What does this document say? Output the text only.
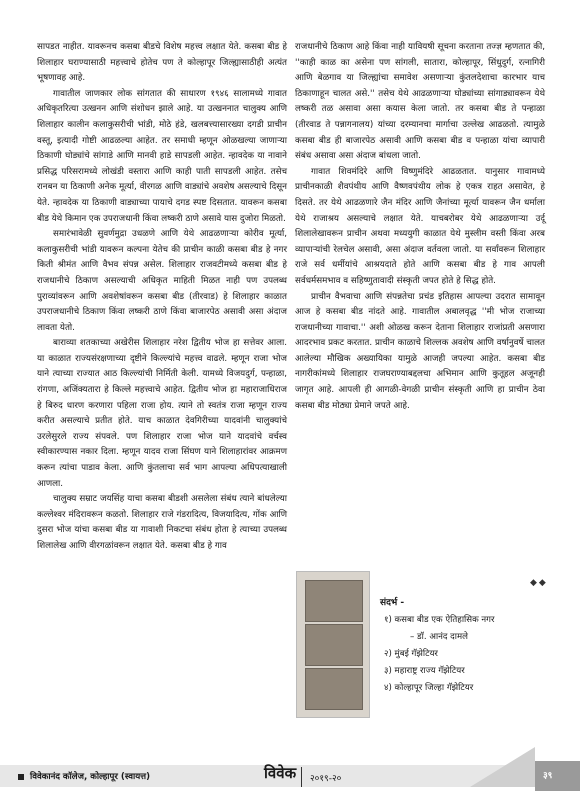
सापडत नाहीत. यावरूनच कसबा बीडचे विशेष महत्त्व लक्षात येते. कसबा बीड हे शिलाहार घराण्यासाठी महत्त्वाचे होतेच पण ते कोल्हापूर जिल्ह्यासाठीही अत्यंत भूषणावह आहे.

गावातील जाणकार लोक सांगतात की साधारण १९४६ सालामध्ये गावात अधिकृतरित्या उत्खनन आणि संशोधन झाले आहे. या उत्खननात चालुक्य आणि शिलाहार कालीन कलाकुसरीची भांडी, मोठे हंडे, खलबत्त्यासारख्या दगडी प्राचीन वस्तू, इत्यादी गोष्टी आढळल्या आहेत. तर समाधी म्हणून ओळखल्या जाणाऱ्या ठिकाणी घोड्यांचे सांगाडे आणि मानवी हाडे सापडली आहेत. न्हावदेक या नावाने प्रसिद्ध परिसरामध्ये लोखंडी वस्तारा आणि काही पाती सापडली आहेत. तसेच रानबन या ठिकाणी अनेक मूर्त्या, वीरगळ आणि वाड्यांचे अवशेष असल्याचे दिसून येते. न्हावदेक या ठिकाणी वाड्याच्या पायाचे दगड स्पष्ट दिसतात. यावरून कसबा बीड येथे किमान एक उपराजधानी किंवा लष्करी ठाणे असावे यास दुजोरा मिळतो.

समारंभावेळी सुवर्णमुद्रा उधळणे आणि येथे आढळणाऱ्या कोरीव मूर्त्या, कलाकुसरीची भांडी यावरून कल्पना येतेच की प्राचीन काळी कसबा बीड हे नगर किती श्रीमंत आणि वैभव संपन्न असेल. शिलाहार राजवटीमध्ये कसबा बीड हे राजधानीचे ठिकाण असल्याची अधिकृत माहिती मिळत नाही पण उपलब्ध पुराव्यांवरून आणि अवशेषांवरून कसबा बीड (तीरवाड) हे शिलाहार काळात उपराजधानीचे ठिकाण किंवा लष्करी ठाणे किंवा बाजारपेठ असावी असा अंदाज लावता येतो.

बाराव्या शतकाच्या अखेरीस शिलाहार नरेश द्वितीय भोज हा सत्तेवर आला. या काळात राज्यसंरक्षणाच्या दृष्टीने किल्ल्यांचे महत्त्व वाढले. म्हणून राजा भोज याने त्याच्या राज्यात आठ किल्ल्यांची निर्मिती केली. यामध्ये विजयदुर्ग, पन्हाळा, रांगणा, अजिंक्यतारा हे किल्ले महत्त्वाचे आहेत. द्वितीय भोज हा महाराजाधिराज हे बिरुद धारण करणारा पहिला राजा होय. त्याने तो स्वतंत्र राजा म्हणून राज्य करीत असल्याचे प्रतीत होते. याच काळात देवगिरीच्या यादवांनी चालुक्यांचे उरलेसुरले राज्य संपवले. पण शिलाहार राजा भोज याने यादवांचे वर्चस्व स्वीकारण्यास नकार दिला. म्हणून यादव राजा सिंघण याने शिलाहारांवर आक्रमण करून त्यांचा पाडाव केला. आणि कुंतलाचा सर्व भाग आपल्या अधिपत्याखाली आणला.

चालुक्य सम्राट जयसिंह याचा कसबा बीडशी असलेला संबंध त्याने बांधलेल्या कल्लेश्वर मंदिरावरून कळतो. शिलाहार राजे गंडरादित्य, विजयादित्य, गोंक आणि दुसरा भोज यांचा कसबा बीड या गावाशी निकटचा संबंध होता हे त्याच्या उपलब्ध शिलालेख आणि वीरगळांवरून लक्षात येते. कसबा बीड हे गाव

राजधानीचे ठिकाण आहे किंवा नाही यावियषी सूचना करताना तज्ज्ञ म्हणतात की, ''काही काळ का असेना पण सांगली, सातारा, कोल्हापूर, सिंधुदुर्ग, रत्नागिरी आणि बेळगाव या जिल्ह्यांचा समावेश असणाऱ्या कुंतलदेशाचा कारभार याच ठिकाणाहून चालत असे.'' तसेच येथे आढळणाऱ्या घोड्यांच्या सांगाड्यावरून येथे लष्करी तळ असावा असा कयास केला जातो. तर कसबा बीड ते पन्हाळा (तीरवाड ते पन्नागनालय) यांच्या दरम्यानचा मार्गाचा उल्लेख आढळतो. त्यामुळे कसबा बीड ही बाजारपेठ असावी आणि कसबा बीड व पन्हाळा यांचा व्यापारी संबंध असावा असा अंदाज बांधला जातो.

गावात शिवमंदिरे आणि विष्णुमंदिरे आढळतात. यानुसार गावामध्ये प्राचीनकाळी शैवपंथीय आणि वैष्णवपंथीय लोक हे एकत्र राहत असावेत, हे दिसते. तर येथे आढळणारे जैन मंदिर आणि जैनांच्या मूर्त्या यावरून जैन धर्माला येथे राजाश्रय असल्याचे लक्षात येते. याचबरोबर येथे आढळणाऱ्या उर्दू शिलालेखावरून प्राचीन अथवा मध्ययुगी काळात येथे मुस्लीम वस्ती किंवा अरब व्यापाऱ्यांची रेलचेल असावी, असा अंदाज वर्तवला जातो. या सर्वांवरून शिलाहार राजे सर्व धर्मीयांचे आश्रयदाते होते आणि कसबा बीड हे गाव आपली सर्वधर्मसमभाव व सहिष्णुतावादी संस्कृती जपत होते हे सिद्ध होते.

प्राचीन वैभवाचा आणि संपन्नतेचा प्रचंड इतिहास आपल्या उदरात सामावून आज हे कसबा बीड नांदते आहे. गावातील अबालवृद्ध ''मी भोज राजाच्या राजधानीच्या गावाचा.'' अशी ओळख करून देताना शिलाहार राजांप्रती असणारा आदरभाव प्रकट करतात. प्राचीन काळाचे शिल्लक अवशेष आणि वर्षानुवर्षे चालत आलेल्या मौखिक अख्यायिका यामुळे आजही जपल्या आहेत. कसबा बीड नागरीकांमध्ये शिलाहार राजघराण्याबद्दलचा अभिमान आणि कुतूहल अजूनही जागृत आहे. आपली ही आगळी-वेगळी प्राचीन संस्कृती आणि हा प्राचीन ठेवा कसबा बीड मोठ्या प्रेमाने जपते आहे.

◆◆
संदर्भ -
१) कसबा बीड एक ऐतिहासिक नगर
– डॉ. आनंद दामले
२) मुंबई गॅझेटियर
३) महाराष्ट्र राज्य गॅझेटियर
४) कोल्हापूर जिल्हा गॅझेटियर
विवेकानंद कॉलेज, कोल्हापूर (स्वायत्त)	विवेक २०१९-२०	३९
